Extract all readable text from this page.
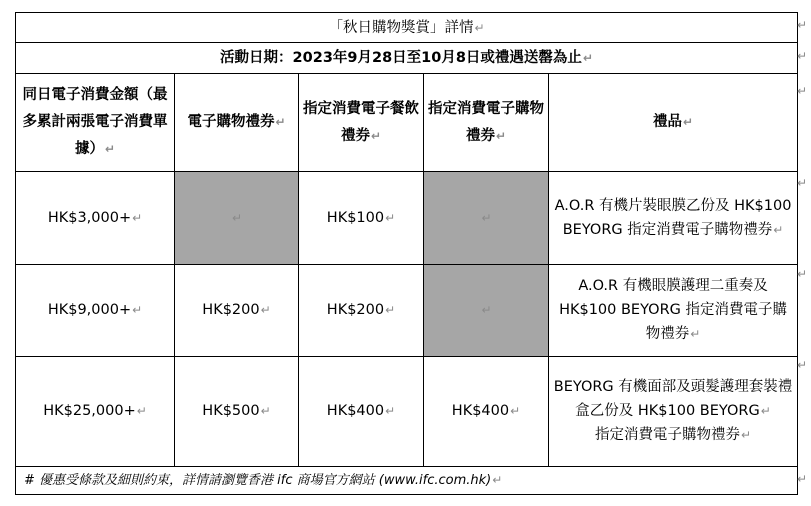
「秋日購物獎賞」詳情↵				
活動日期：2023年9月28日至10月8日或禮遇送罄為止↵				
同日電子消費金額（最多累計兩張電子消費單據）↵	電子購物禮券↵	指定消費電子餐飲禮券↵	指定消費電子購物禮券↵	禮品↵
HK$3,000+↵	↵	HK$100↵	↵	A.O.R 有機片裝眼膜乙份及 HK$100 BEYORG 指定消費電子購物禮券↵
HK$9,000+↵	HK$200↵	HK$200↵	↵	A.O.R 有機眼膜護理二重奏及 HK$100 BEYORG 指定消費電子購物禮券↵
HK$25,000+↵	HK$500↵	HK$400↵	HK$400↵	BEYORG 有機面部及頭髮護理套裝禮盒乙份及 HK$100 BEYORG↵
指定消費電子購物禮券↵
# 優惠受條款及細則約束，詳情請瀏覽香港 ifc 商場官方網站 (www.ifc.com.hk)↵				
↵
↵
↵
↵
↵
↵
↵
